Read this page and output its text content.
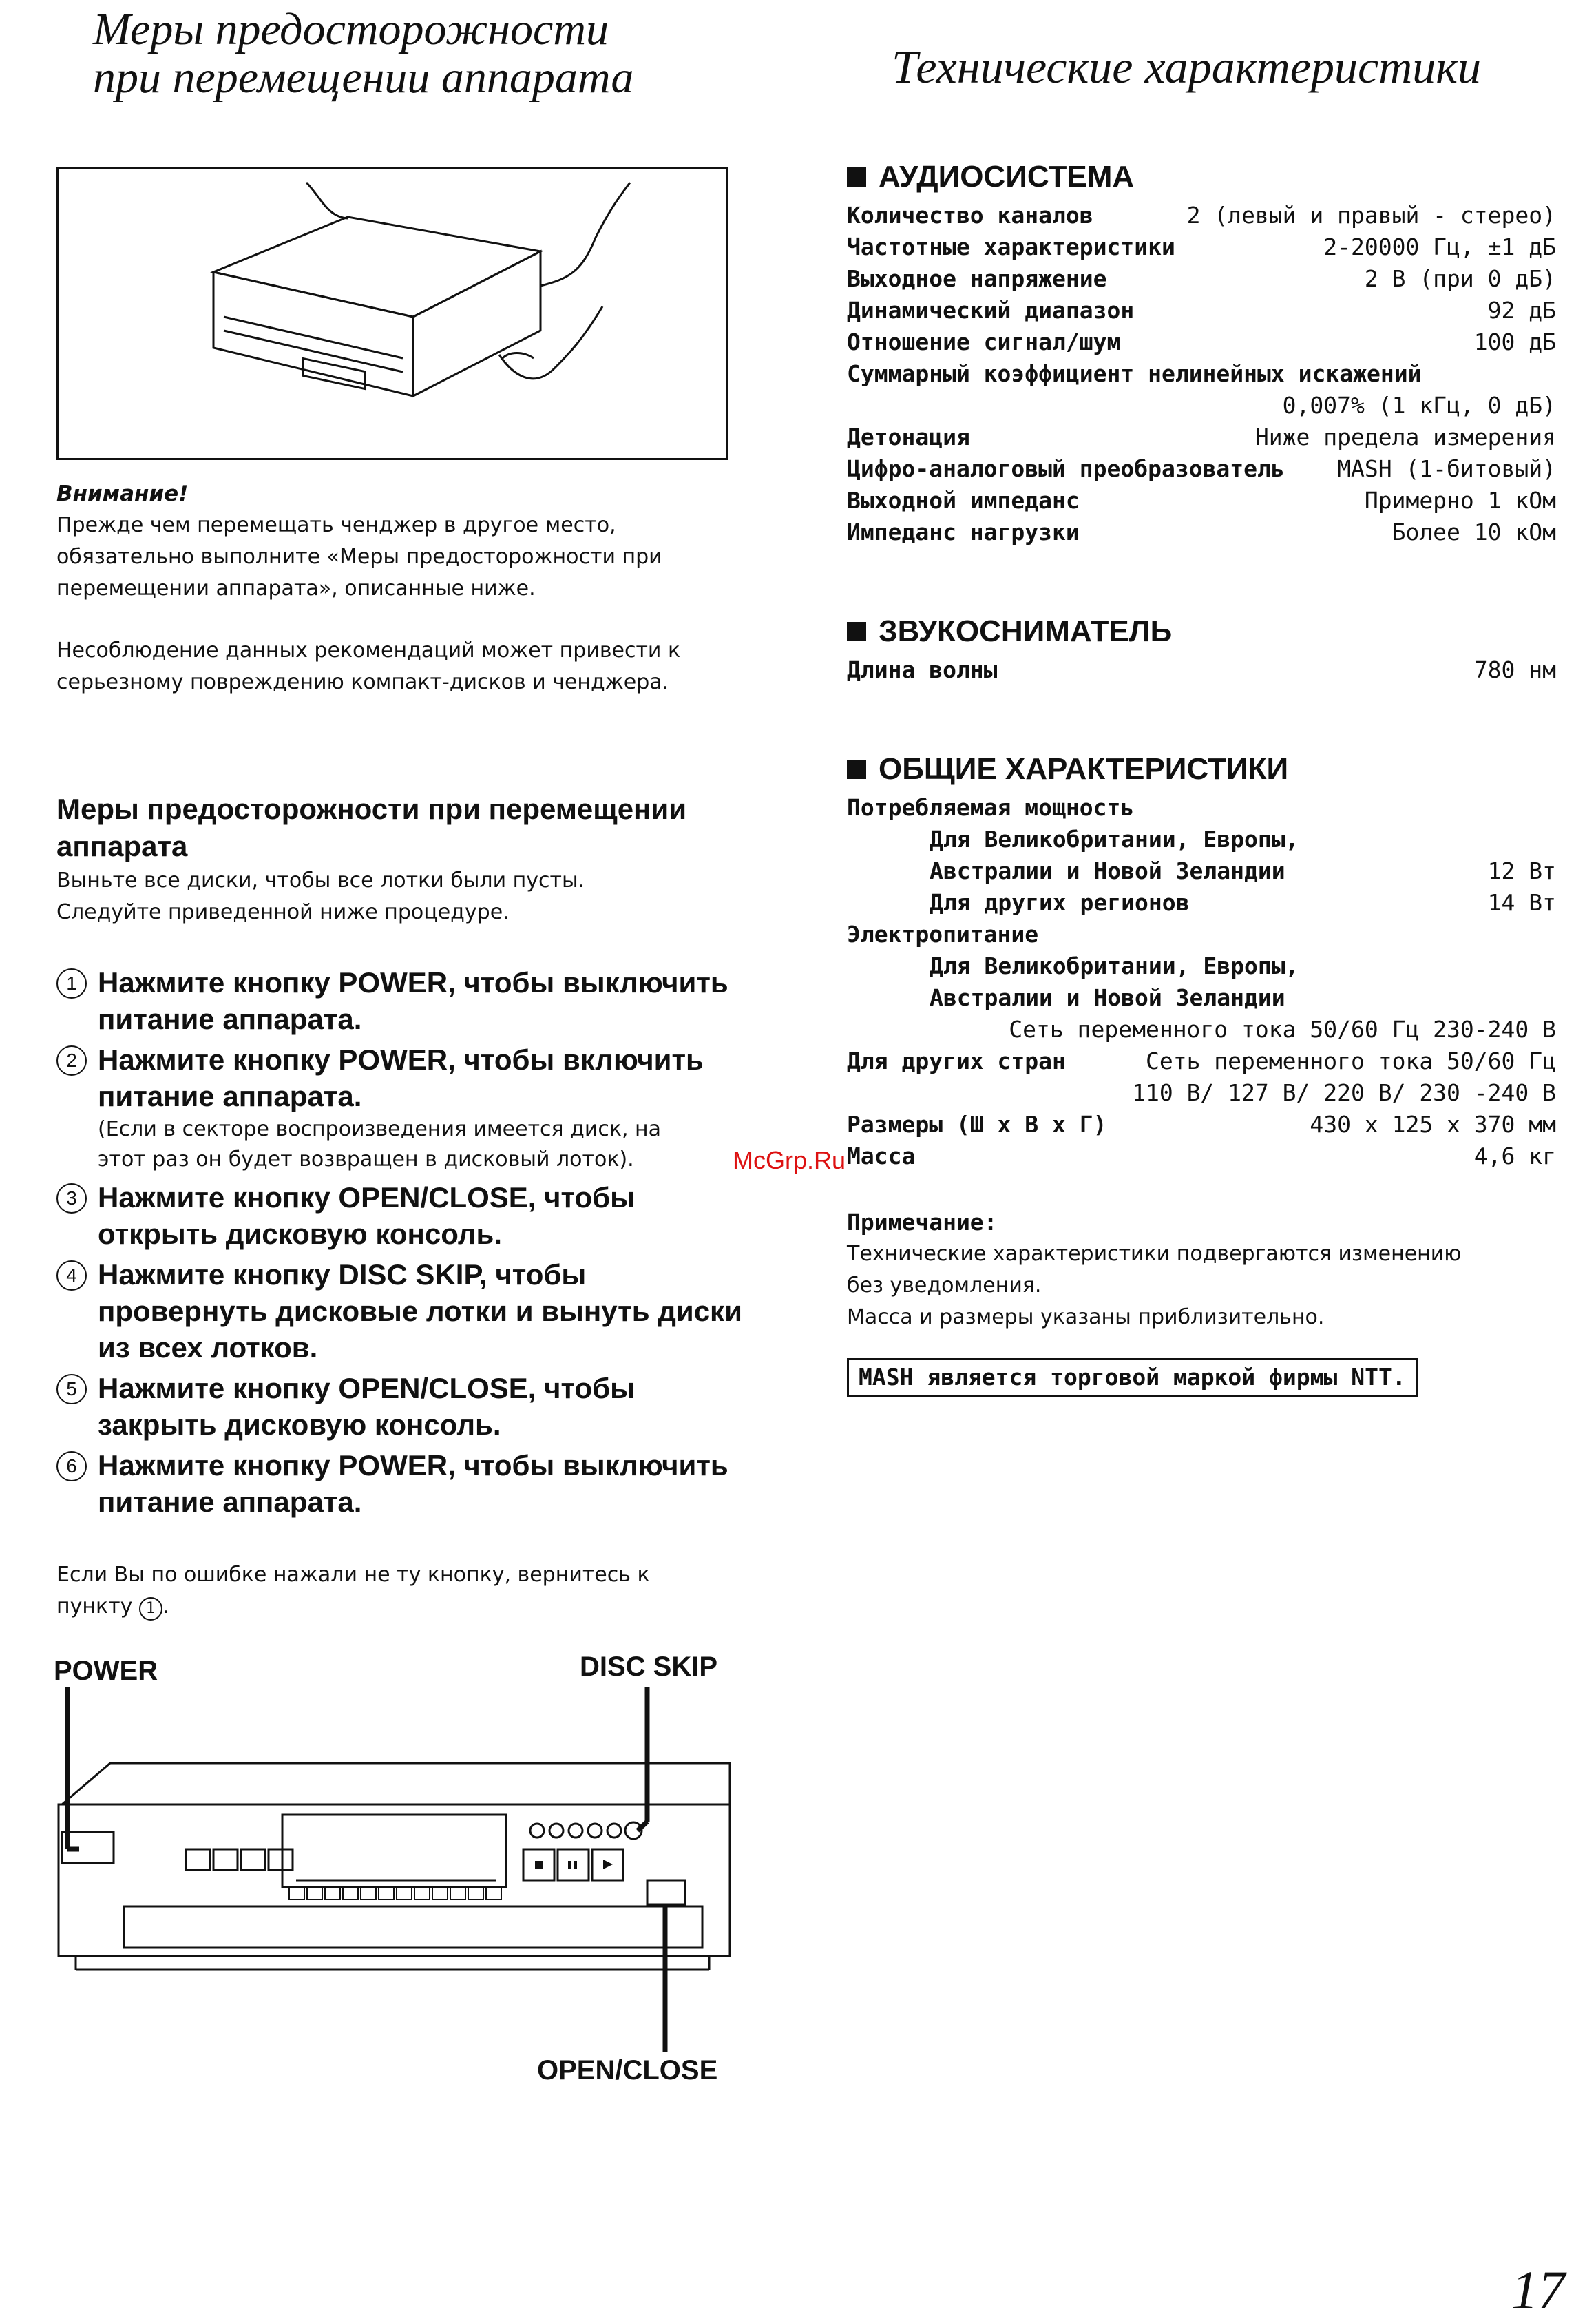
Меры предосторожности
при перемещении аппарата
Внимание!
Прежде чем перемещать ченджер в другое место,
обязательно выполните «Меры предосторожности при
перемещении аппарата», описанные ниже.
Несоблюдение данных рекомендаций может привести к
серьезному повреждению компакт-дисков и ченджера.
Меры предосторожности при перемещении
аппарата
Выньте все диски, чтобы все лотки были пусты.
Следуйте приведенной ниже процедуре.
1 Нажмите кнопку POWER, чтобы выключить
питание аппарата.
2 Нажмите кнопку POWER, чтобы включить
питание аппарата.
(Если в секторе воспроизведения имеется диск, на
этот раз он будет возвращен в дисковый лоток).
3 Нажмите кнопку OPEN/CLOSE, чтобы
открыть дисковую консоль.
4 Нажмите кнопку DISC SKIP, чтобы
провернуть дисковые лотки и вынуть диски
из всех лотков.
5 Нажмите кнопку OPEN/CLOSE, чтобы
закрыть дисковую консоль.
6 Нажмите кнопку POWER, чтобы выключить
питание аппарата.
Если Вы по ошибке нажали не ту кнопку, вернитесь к
пункту 1 .
POWER	DISC SKIP
OPEN/CLOSE
Технические характеристики
АУДИОСИСТЕМА
Количество каналов	2 (левый и правый - стерео)
Частотные характеристики	2-20000 Гц, ±1 дБ
Выходное напряжение	2 В (при 0 дБ)
Динамический диапазон	92 дБ
Отношение сигнал/шум	100 дБ
Суммарный коэффициент нелинейных искажений
0,007% (1 кГц, 0 дБ)
Детонация	Ниже предела измерения
Цифро-аналоговый преобразователь MASH (1-битовый)
Выходной импеданс	Примерно 1 кОм
Импеданс нагрузки	Более 10 кОм
ЗВУКОСНИМАТЕЛЬ
Длина волны	780 нм
ОБЩИЕ ХАРАКТЕРИСТИКИ
Потребляемая мощность
Для Великобритании, Европы,
Австралии и Новой Зеландии	12 Вт
Для других регионов	14 Вт
Электропитание
Для Великобритании, Европы,
Австралии и Новой Зеландии
Сеть переменного тока 50/60 Гц 230-240 В
Для других стран	Сеть переменного тока 50/60 Гц
110 В/ 127 В/ 220 В/ 230 -240 В
Размеры (Ш х В х Г)	430 х 125 х 370 мм
Масса	4,6 кг
Примечание:
Технические характеристики подвергаются изменению
без уведомления.
Масса и размеры указаны приблизительно.
MASH является торговой маркой фирмы NTT.
McGrp.Ru
17
